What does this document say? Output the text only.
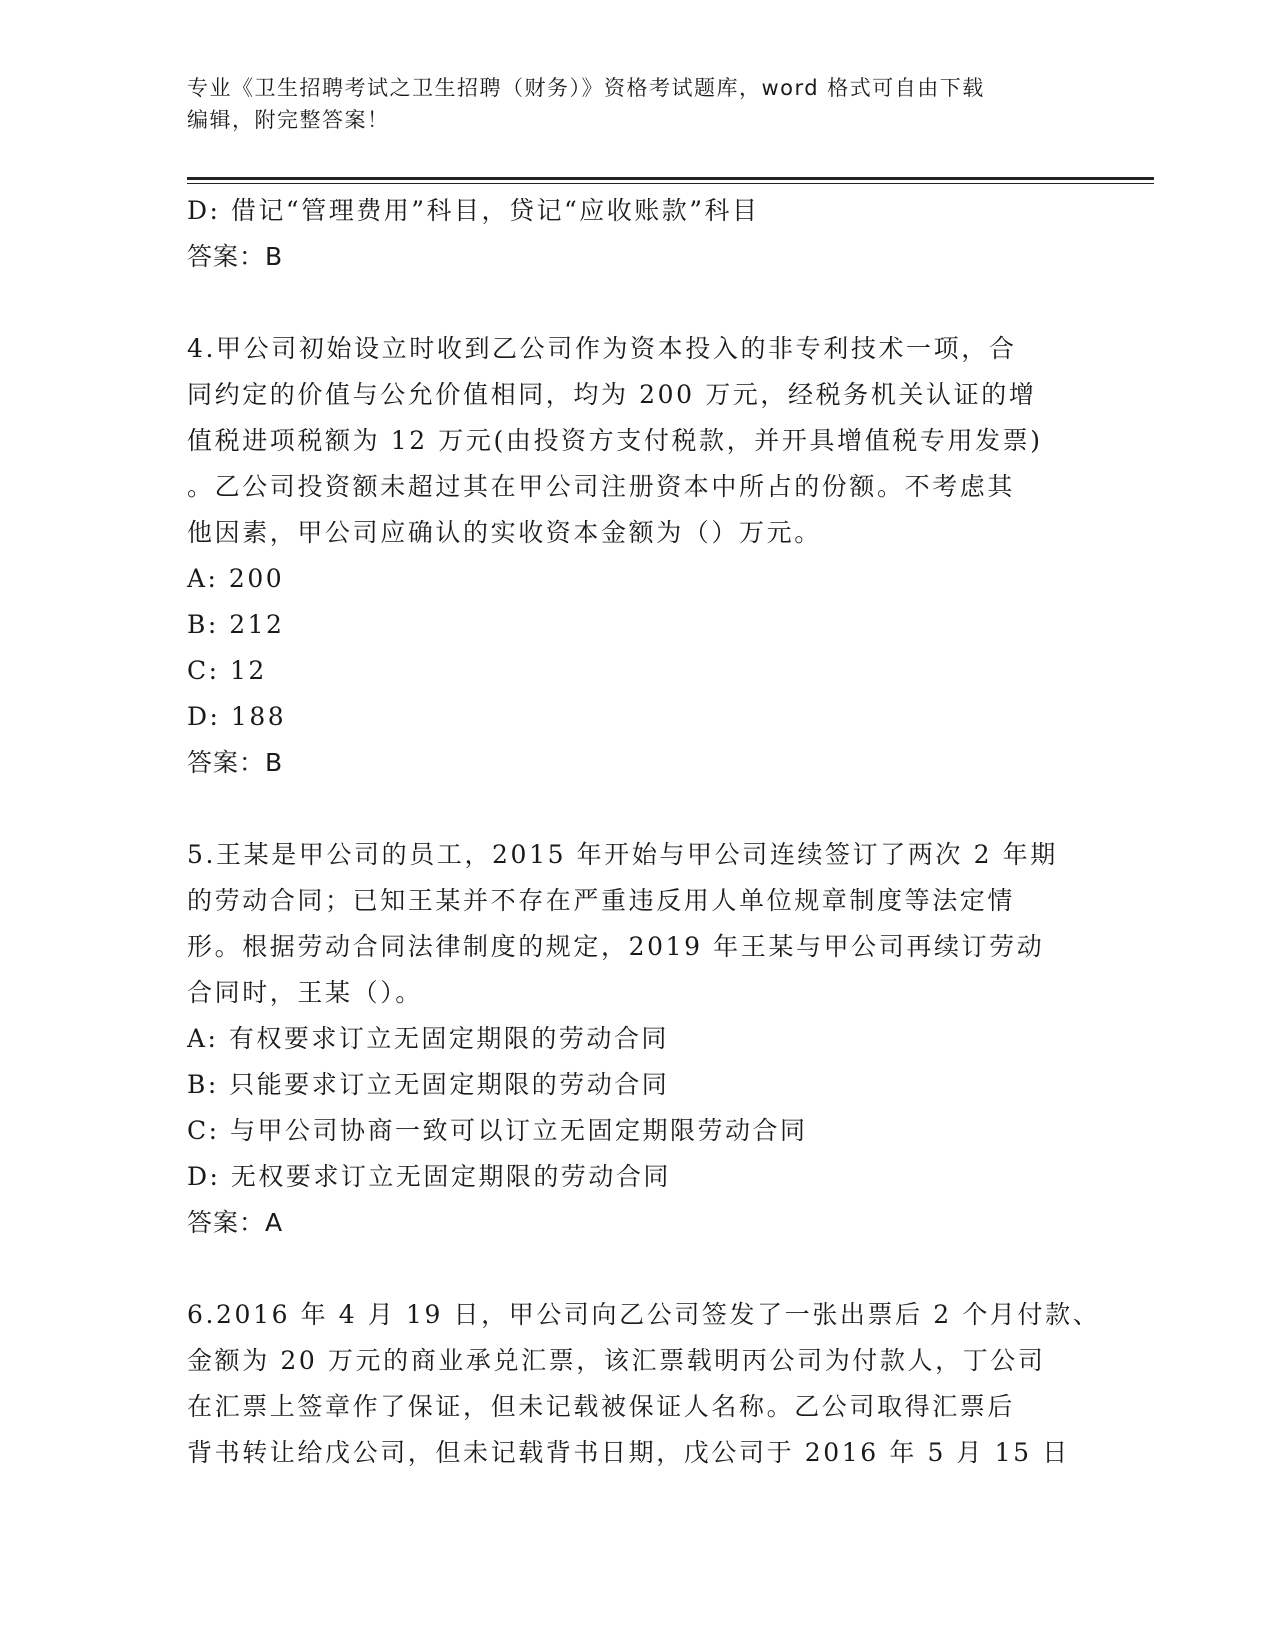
专业《卫生招聘考试之卫生招聘（财务）》资格考试题库，word 格式可自由下载
编辑，附完整答案！
D: 借记“管理费用”科目，贷记“应收账款”科目
答案：B
4.甲公司初始设立时收到乙公司作为资本投入的非专利技术一项，合
同约定的价值与公允价值相同，均为 200 万元，经税务机关认证的增
值税进项税额为 12 万元(由投资方支付税款，并开具增值税专用发票)
。乙公司投资额未超过其在甲公司注册资本中所占的份额。不考虑其
他因素，甲公司应确认的实收资本金额为（）万元。
A: 200
B: 212
C: 12
D: 188
答案：B
5.王某是甲公司的员工，2015 年开始与甲公司连续签订了两次 2 年期
的劳动合同；已知王某并不存在严重违反用人单位规章制度等法定情
形。根据劳动合同法律制度的规定，2019 年王某与甲公司再续订劳动
合同时，王某（）。
A: 有权要求订立无固定期限的劳动合同
B: 只能要求订立无固定期限的劳动合同
C: 与甲公司协商一致可以订立无固定期限劳动合同
D: 无权要求订立无固定期限的劳动合同
答案：A
6.2016 年 4 月 19 日，甲公司向乙公司签发了一张出票后 2 个月付款、
金额为 20 万元的商业承兑汇票，该汇票载明丙公司为付款人，丁公司
在汇票上签章作了保证，但未记载被保证人名称。乙公司取得汇票后
背书转让给戊公司，但未记载背书日期，戊公司于 2016 年 5 月 15 日
